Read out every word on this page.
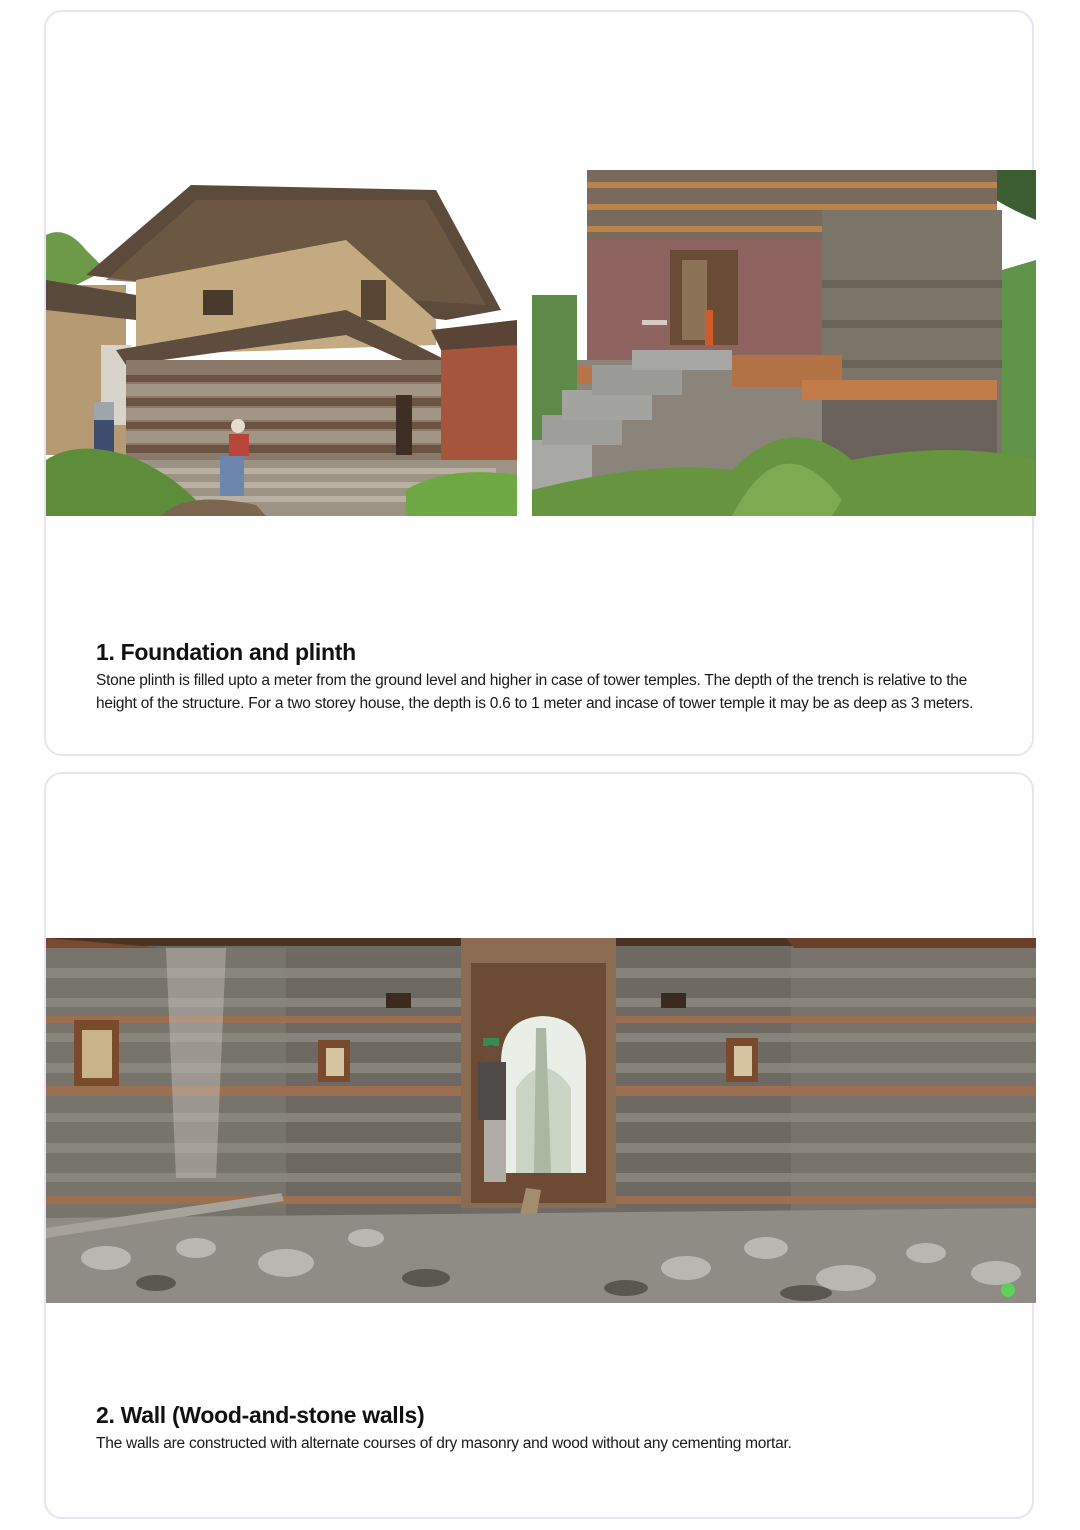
1. Foundation and plinth

Stone plinth is filled upto a meter from the ground level and higher in case of tower temples. The depth of the trench is relative to the height of the structure. For a two storey house, the depth is 0.6 to 1 meter and incase of tower temple it may be as deep as 3 meters.

2. Wall (Wood-and-stone walls)

The walls are constructed with alternate courses of dry masonry and wood without any cementing mortar.
